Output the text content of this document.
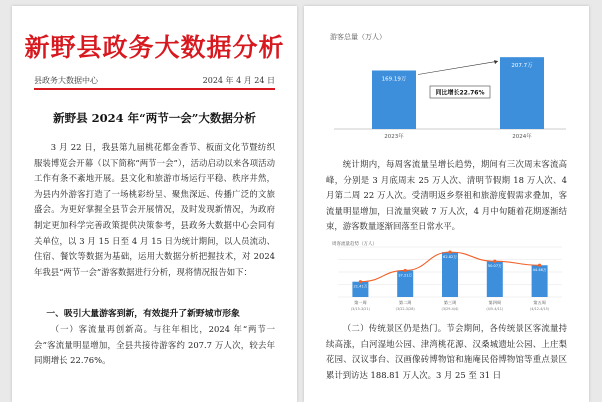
新野县政务大数据分析
县政务大数据中心	2024 年 4 月 24 日
新野县 2024 年“两节一会”大数据分析
3 月 22 日，我县第九届桃花都金香节、板面文化节暨纺织服装博览会开幕（以下简称“两节一会”），活动启动以来各项活动工作有条不紊地开展。县文化和旅游市场运行平稳、秩序井然，为县内外游客打造了一场桃彩纷呈、聚焦深远、传播广泛的文旅盛会。为更好掌握全县节会开展情况，及时发现新情况，为政府制定更加科学完善政策提供决策参考，县政务大数据中心会同有关单位，以 3 月 15 日至 4 月 15 日为统计期间，以人员流动、住宿、餐饮等数据为基础，运用大数据分析把握技术，对 2024 年我县“两节一会”游客数据进行分析，现将情况报告如下：
一、吸引大量游客到新，有效提升了新野城市形象
（一）客流量再创新高。与往年相比，2024 年“两节一会”客流量明显增加，全县共接待游客约 207.7 万人次，较去年同期增长 22.76%。
游客总量（万人）
169.19万
2023年
207.7万
2024年
同比增长22.76%
统计期内，每周客流量呈增长趋势，期间有三次周末客流高峰，分别是 3 月底周末 25 万人次、清明节假期 18 万人次、4 月第二周 22 万人次。受清明返乡祭祖和旅游度假需求叠加，客流量明显增加，日流量突破 7 万人次，4 月中旬随着花期逐渐结束，游客数量逐渐回落至日常水平。
周客流量趋势（万人）
21.41万
第一周
(3/15-3/21)
37.21万
第二周
(3/22-3/28)
62.82万
第三周
(3/29-4/4)
50.07万
第四周
(4/5-4/11)
44.46万
第五周
(4/12-4/15)
（二）传统景区仍是热门。节会期间，各传统景区客流量持续高涨，白河湿地公园、津湾桃花源、汉桑城遗址公园、上庄梨花园、汉议事台、汉画像砖博物馆和施庵民俗博物馆等重点景区累计到访达 188.81 万人次。3 月 25 至 31 日
